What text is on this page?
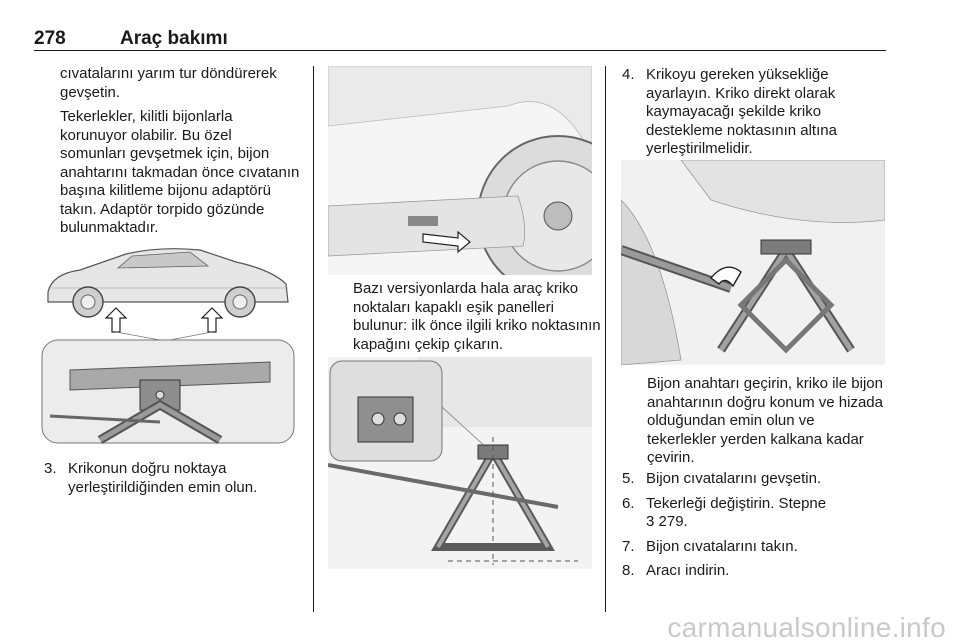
278	Araç bakımı

cıvatalarını yarım tur döndürerek gevşetin.

Tekerlekler, kilitli bijonlarla korunuyor olabilir. Bu özel somunları gevşetmek için, bijon anahtarını takmadan önce cıvatanın başına kilitleme bijonu adaptörü takın. Adaptör torpido gözünde bulunmaktadır.

3. Krikonun doğru noktaya yerleştirildiğinden emin olun.

Bazı versiyonlarda hala araç kriko noktaları kapaklı eşik panelleri bulunur: ilk önce ilgili kriko noktasının kapağını çekip çıkarın.

4. Krikoyu gereken yüksekliğe ayarlayın. Kriko direkt olarak kaymayacağı şekilde kriko destekleme noktasının altına yerleştirilmelidir.

Bijon anahtarı geçirin, kriko ile bijon anahtarının doğru konum ve hizada olduğundan emin olun ve tekerlekler yerden kalkana kadar çevirin.

5. Bijon cıvatalarını gevşetin.

6. Tekerleği değiştirin. Stepne
3 279.

7. Bijon cıvatalarını takın.

8. Aracı indirin.

carmanualsonline.info
